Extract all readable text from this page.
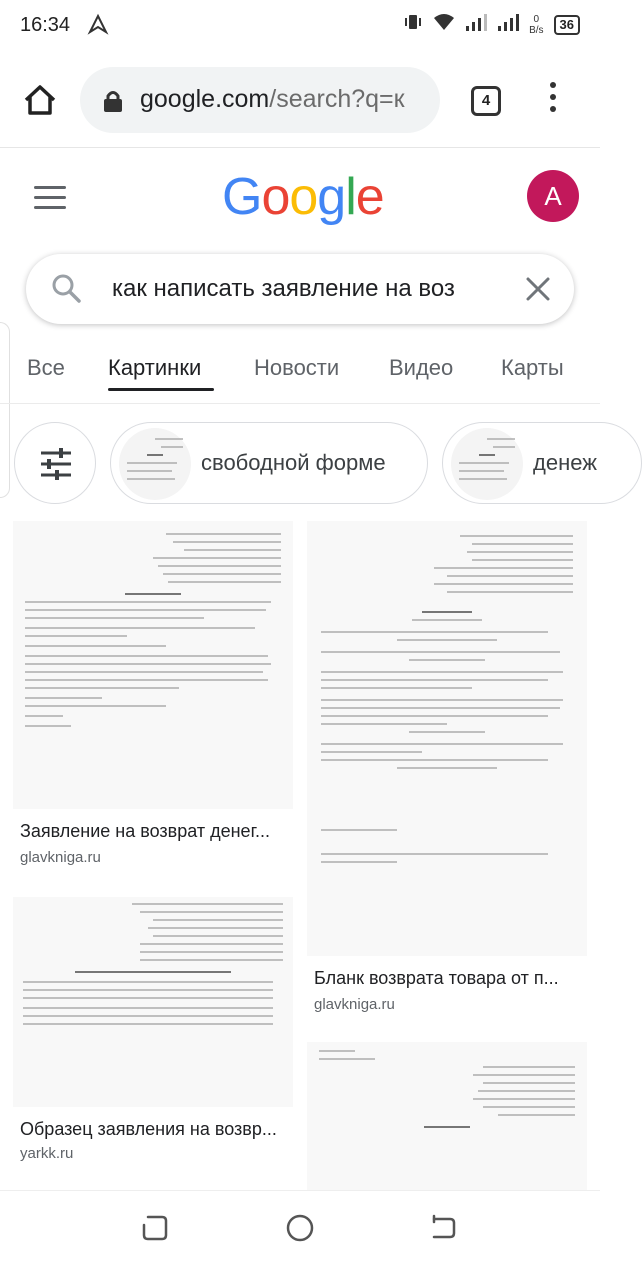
16:34	0
B/s	36
google.com/search?q=к	4
Google	A
как написать заявление на воз
Все Картинки Новости Видео Карты
свободной форме	денеж
Заявление на возврат денег...
glavkniga.ru
Бланк возврата товара от п...
glavkniga.ru
Образец заявления на возвр...
yarkk.ru
